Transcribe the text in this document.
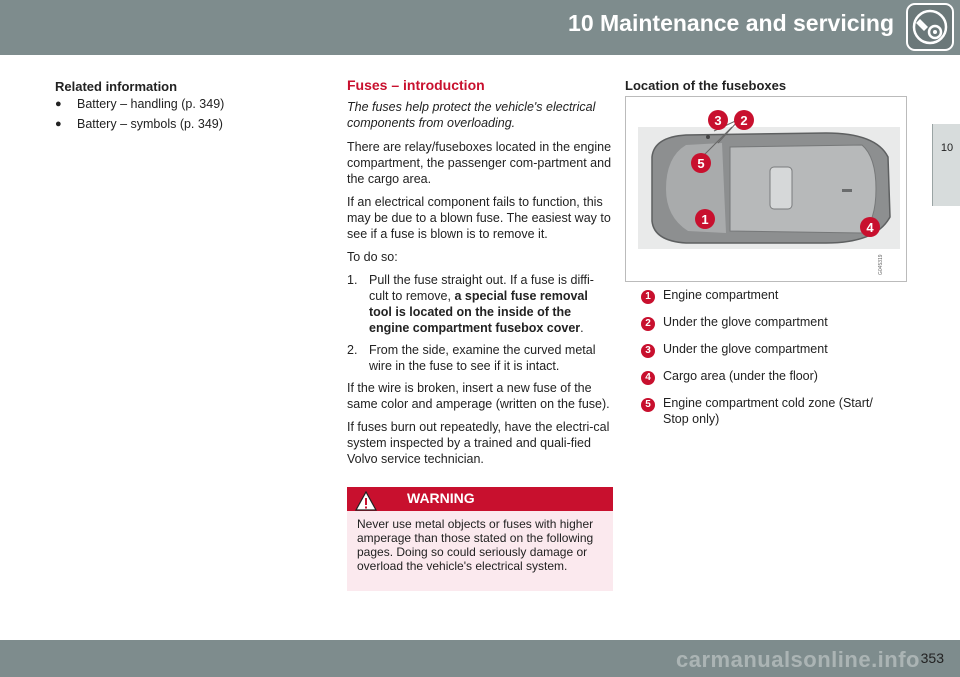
10 Maintenance and servicing
10
Related information
●	Battery – handling (p. 349)
●	Battery – symbols (p. 349)
Fuses – introduction
The fuses help protect the vehicle's electrical components from overloading.
There are relay/fuseboxes located in the engine compartment, the passenger com-partment and the cargo area.
If an electrical component fails to function, this may be due to a blown fuse. The easiest way to see if a fuse is blown is to remove it.
To do so:
1. Pull the fuse straight out. If a fuse is diffi-cult to remove, a special fuse removal tool is located on the inside of the engine compartment fusebox cover.
2. From the side, examine the curved metal wire in the fuse to see if it is intact.
If the wire is broken, insert a new fuse of the same color and amperage (written on the fuse).
If fuses burn out repeatedly, have the electri-cal system inspected by a trained and quali-fied Volvo service technician.
WARNING
Never use metal objects or fuses with higher amperage than those stated on the following pages. Doing so could seriously damage or overload the vehicle's electrical system.
Location of the fuseboxes
3 2
5
1
4
G045319
1 Engine compartment
2 Under the glove compartment
3 Under the glove compartment
4 Cargo area (under the floor)
5 Engine compartment cold zone (Start/ Stop only)
carmanualsonline.info 353
